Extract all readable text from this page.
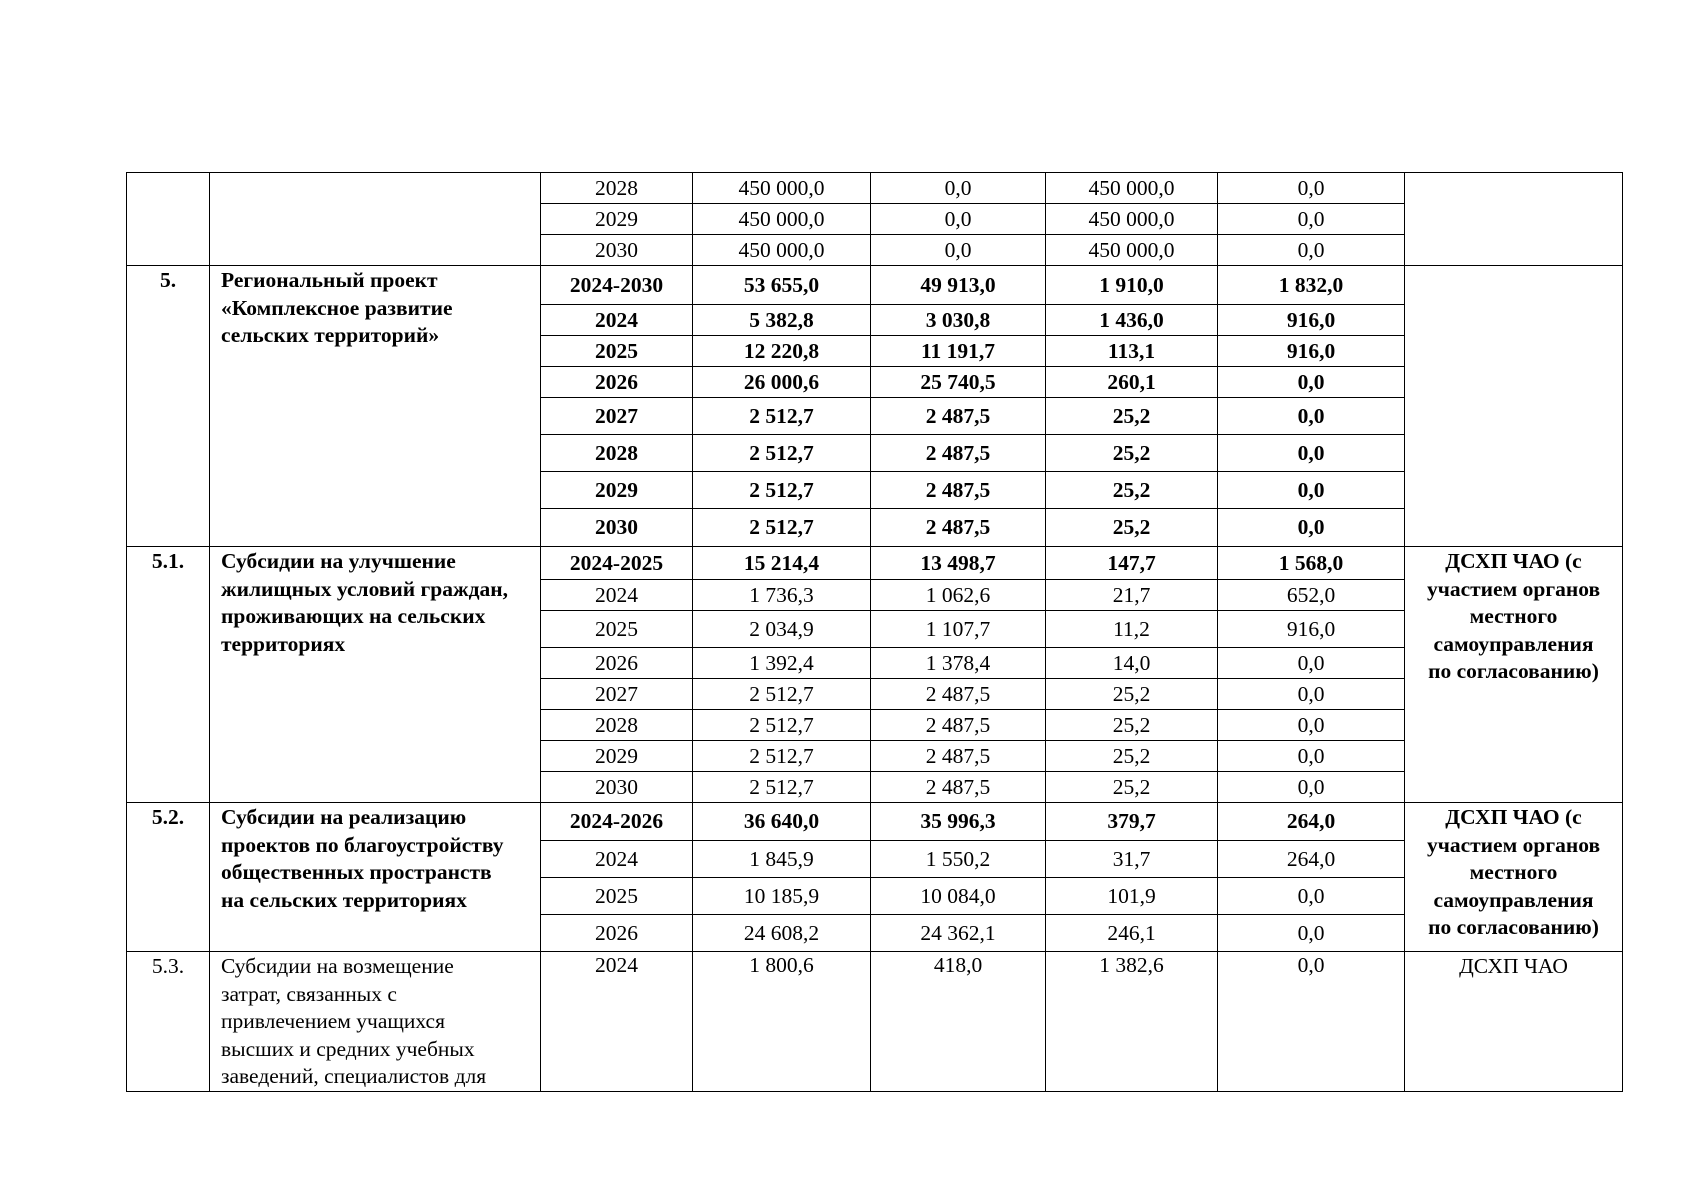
		2028	450 000,0	0,0	450 000,0	0,0	
		2029	450 000,0	0,0	450 000,0	0,0	
		2030	450 000,0	0,0	450 000,0	0,0	
5.	Региональный проект
«Комплексное развитие
сельских территорий»	2024-2030	53 655,0	49 913,0	1 910,0	1 832,0	
		2024	5 382,8	3 030,8	1 436,0	916,0	
		2025	12 220,8	11 191,7	113,1	916,0	
		2026	26 000,6	25 740,5	260,1	0,0	
		2027	2 512,7	2 487,5	25,2	0,0	
		2028	2 512,7	2 487,5	25,2	0,0	
		2029	2 512,7	2 487,5	25,2	0,0	
		2030	2 512,7	2 487,5	25,2	0,0	
5.1.	Субсидии на улучшение
жилищных условий граждан,
проживающих на сельских
территориях	2024-2025	15 214,4	13 498,7	147,7	1 568,0	ДСХП ЧАО (с
участием органов
местного
самоуправления
по согласованию)

		2024	1 736,3	1 062,6	21,7	652,0	
		2025	2 034,9	1 107,7	11,2	916,0	
		2026	1 392,4	1 378,4	14,0	0,0	
		2027	2 512,7	2 487,5	25,2	0,0	
		2028	2 512,7	2 487,5	25,2	0,0	
		2029	2 512,7	2 487,5	25,2	0,0	
		2030	2 512,7	2 487,5	25,2	0,0	
5.2.	Субсидии на реализацию
проектов по благоустройству
общественных пространств
на сельских территориях	2024-2026	36 640,0	35 996,3	379,7	264,0	ДСХП ЧАО (с
участием органов
местного
самоуправления
по согласованию)

		2024	1 845,9	1 550,2	31,7	264,0	
		2025	10 185,9	10 084,0	101,9	0,0	
		2026	24 608,2	24 362,1	246,1	0,0	
5.3.	Субсидии на возмещение
затрат, связанных с
привлечением учащихся
высших и средних учебных
заведений, специалистов для	2024	1 800,6	418,0	1 382,6	0,0	ДСХП ЧАО
